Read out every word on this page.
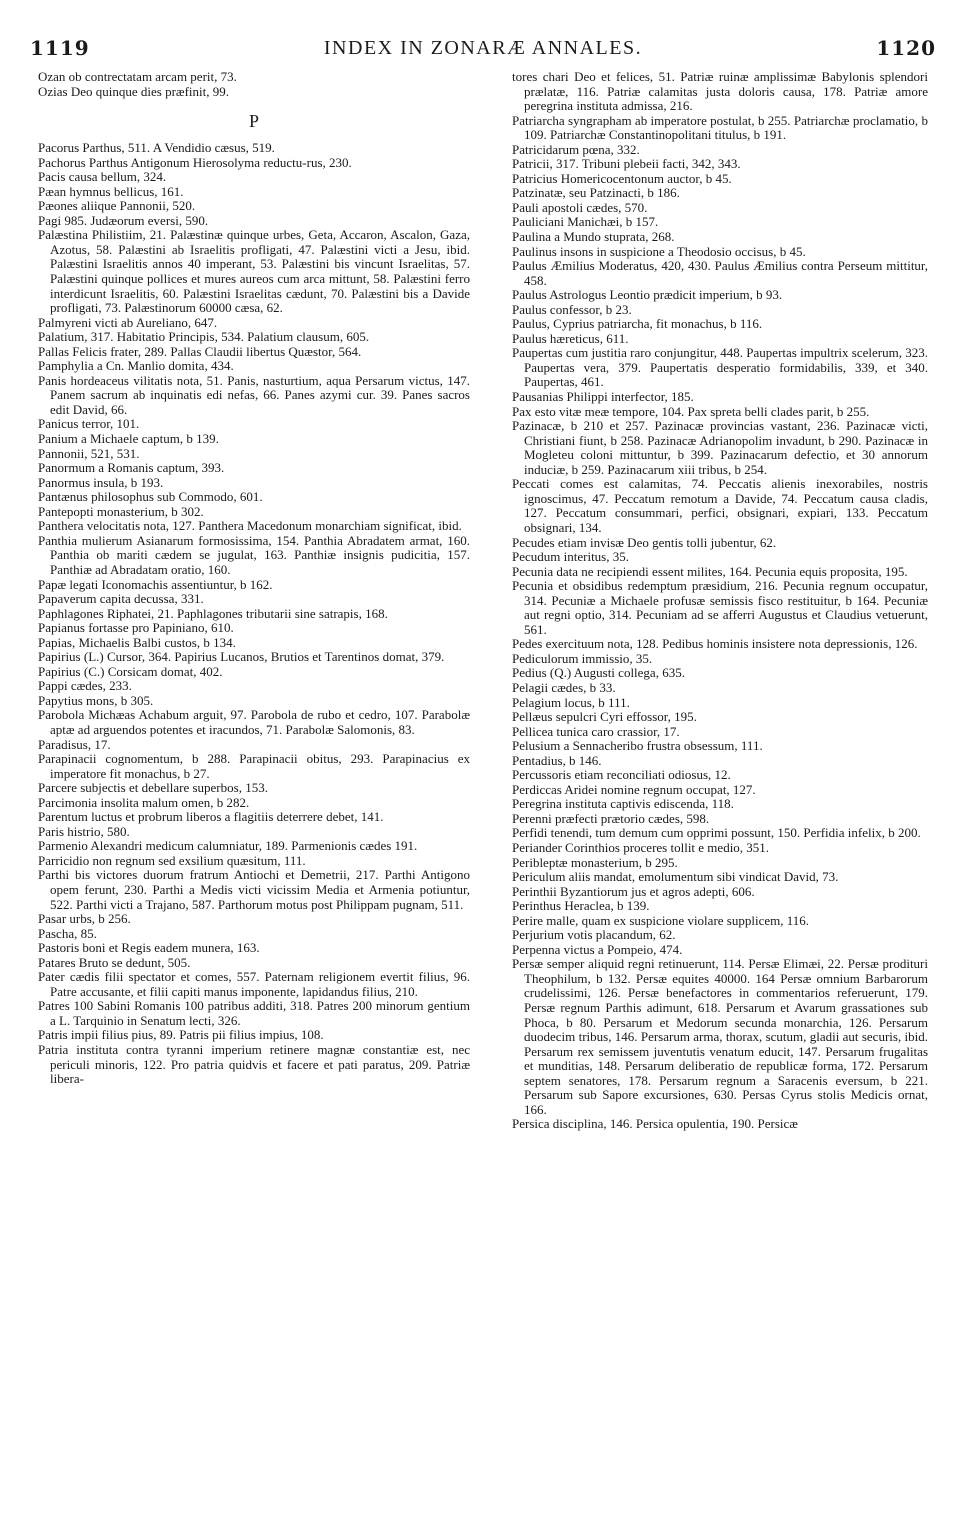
1119	INDEX IN ZONARÆ ANNALES.	1120

Ozan ob contrectatam arcam perit, 73.

Ozias Deo quinque dies præfinit, 99.

P

Pacorus Parthus, 511. A Vendidio cæsus, 519.

Pachorus Parthus Antigonum Hierosolyma reductu-rus, 230.

Pacis causa bellum, 324.

Pæan hymnus bellicus, 161.

Pæones aliique Pannonii, 520.

Pagi 985. Judæorum eversi, 590.

Palæstina Philistiim, 21. Palæstinæ quinque urbes, Geta, Accaron, Ascalon, Gaza, Azotus, 58. Palæstini ab Israelitis profligati, 47. Palæstini victi a Jesu, ibid. Palæstini Israelitis annos 40 imperant, 53. Palæstini bis vincunt Israelitas, 57. Palæstini quinque pollices et mures aureos cum arca mittunt, 58. Palæstini ferro interdicunt Israelitis, 60. Palæstini Israelitas cædunt, 70. Palæstini bis a Davide profligati, 73. Palæstinorum 60000 cæsa, 62.

Palmyreni victi ab Aureliano, 647.

Palatium, 317. Habitatio Principis, 534. Palatium clausum, 605.

Pallas Felicis frater, 289. Pallas Claudii libertus Quæstor, 564.

Pamphylia a Cn. Manlio domita, 434.

Panis hordeaceus vilitatis nota, 51. Panis, nasturtium, aqua Persarum victus, 147. Panem sacrum ab inquinatis edi nefas, 66. Panes azymi cur. 39. Panes sacros edit David, 66.

Panicus terror, 101.

Panium a Michaele captum, b 139.

Pannonii, 521, 531.

Panormum a Romanis captum, 393.

Panormus insula, b 193.

Pantænus philosophus sub Commodo, 601.

Pantepopti monasterium, b 302.

Panthera velocitatis nota, 127. Panthera Macedonum monarchiam significat, ibid.

Panthia mulierum Asianarum formosissima, 154. Panthia Abradatem armat, 160. Panthia ob mariti cædem se jugulat, 163. Panthiæ insignis pudicitia, 157. Panthiæ ad Abradatam oratio, 160.

Papæ legati Iconomachis assentiuntur, b 162.

Papaverum capita decussa, 331.

Paphlagones Riphatei, 21. Paphlagones tributarii sine satrapis, 168.

Papianus fortasse pro Papiniano, 610.

Papias, Michaelis Balbi custos, b 134.

Papirius (L.) Cursor, 364. Papirius Lucanos, Brutios et Tarentinos domat, 379.

Papirius (C.) Corsicam domat, 402.

Pappi cædes, 233.

Papytius mons, b 305.

Parobola Michæas Achabum arguit, 97. Parobola de rubo et cedro, 107. Parabolæ aptæ ad arguendos potentes et iracundos, 71. Parabolæ Salomonis, 83.

Paradisus, 17.

Parapinacii cognomentum, b 288. Parapinacii obitus, 293. Parapinacius ex imperatore fit monachus, b 27.

Parcere subjectis et debellare superbos, 153.

Parcimonia insolita malum omen, b 282.

Parentum luctus et probrum liberos a flagitiis deterrere debet, 141.

Paris histrio, 580.

Parmenio Alexandri medicum calumniatur, 189. Parmenionis cædes 191.

Parricidio non regnum sed exsilium quæsitum, 111.

Parthi bis victores duorum fratrum Antiochi et Demetrii, 217. Parthi Antigono opem ferunt, 230. Parthi a Medis victi vicissim Media et Armenia potiuntur, 522. Parthi victi a Trajano, 587. Parthorum motus post Philippam pugnam, 511.

Pasar urbs, b 256.

Pascha, 85.

Pastoris boni et Regis eadem munera, 163.

Patares Bruto se dedunt, 505.

Pater cædis filii spectator et comes, 557. Paternam religionem evertit filius, 96. Patre accusante, et filii capiti manus imponente, lapidandus filius, 210.

Patres 100 Sabini Romanis 100 patribus additi, 318. Patres 200 minorum gentium a L. Tarquinio in Senatum lecti, 326.

Patris impii filius pius, 89. Patris pii filius impius, 108.

Patria instituta contra tyranni imperium retinere magnæ constantiæ est, nec periculi minoris, 122. Pro patria quidvis et facere et pati paratus, 209. Patriæ libera-

tores chari Deo et felices, 51. Patriæ ruinæ amplissimæ Babylonis splendori prælatæ, 116. Patriæ calamitas justa doloris causa, 178. Patriæ amore peregrina instituta admissa, 216.

Patriarcha syngrapham ab imperatore postulat, b 255. Patriarchæ proclamatio, b 109. Patriarchæ Constantinopolitani titulus, b 191.

Patricidarum pœna, 332.

Patricii, 317. Tribuni plebeii facti, 342, 343.

Patricius Homericocentonum auctor, b 45.

Patzinatæ, seu Patzinacti, b 186.

Pauli apostoli cædes, 570.

Pauliciani Manichæi, b 157.

Paulina a Mundo stuprata, 268.

Paulinus insons in suspicione a Theodosio occisus, b 45.

Paulus Æmilius Moderatus, 420, 430. Paulus Æmilius contra Perseum mittitur, 458.

Paulus Astrologus Leontio prædicit imperium, b 93.

Paulus confessor, b 23.

Paulus, Cyprius patriarcha, fit monachus, b 116.

Paulus hæreticus, 611.

Paupertas cum justitia raro conjungitur, 448. Paupertas impultrix scelerum, 323. Paupertas vera, 379. Paupertatis desperatio formidabilis, 339, et 340. Paupertas, 461.

Pausanias Philippi interfector, 185.

Pax esto vitæ meæ tempore, 104. Pax spreta belli clades parit, b 255.

Pazinacæ, b 210 et 257. Pazinacæ provincias vastant, 236. Pazinacæ victi, Christiani fiunt, b 258. Pazinacæ Adrianopolim invadunt, b 290. Pazinacæ in Mogleteu coloni mittuntur, b 399. Pazinacarum defectio, et 30 annorum induciæ, b 259. Pazinacarum xiii tribus, b 254.

Peccati comes est calamitas, 74. Peccatis alienis inexorabiles, nostris ignoscimus, 47. Peccatum remotum a Davide, 74. Peccatum causa cladis, 127. Peccatum consummari, perfici, obsignari, expiari, 133. Peccatum obsignari, 134.

Pecudes etiam invisæ Deo gentis tolli jubentur, 62.

Pecudum interitus, 35.

Pecunia data ne recipiendi essent milites, 164. Pecunia equis proposita, 195.

Pecunia et obsidibus redemptum præsidium, 216. Pecunia regnum occupatur, 314. Pecuniæ a Michaele profusæ semissis fisco restituitur, b 164. Pecuniæ aut regni optio, 314. Pecuniam ad se afferri Augustus et Claudius vetuerunt, 561.

Pedes exercituum nota, 128. Pedibus hominis insistere nota depressionis, 126.

Pediculorum immissio, 35.

Pedius (Q.) Augusti collega, 635.

Pelagii cædes, b 33.

Pelagium locus, b 111.

Pellæus sepulcri Cyri effossor, 195.

Pellicea tunica caro crassior, 17.

Pelusium a Sennacheribo frustra obsessum, 111.

Pentadius, b 146.

Percussoris etiam reconciliati odiosus, 12.

Perdiccas Aridei nomine regnum occupat, 127.

Peregrina instituta captivis ediscenda, 118.

Perenni præfecti prætorio cædes, 598.

Perfidi tenendi, tum demum cum opprimi possunt, 150. Perfidia infelix, b 200.

Periander Corinthios proceres tollit e medio, 351.

Peribleptæ monasterium, b 295.

Periculum aliis mandat, emolumentum sibi vindicat David, 73.

Perinthii Byzantiorum jus et agros adepti, 606.

Perinthus Heraclea, b 139.

Perire malle, quam ex suspicione violare supplicem, 116.

Perjurium votis placandum, 62.

Perpenna victus a Pompeio, 474.

Persæ semper aliquid regni retinuerunt, 114. Persæ Elimæi, 22. Persæ prodituri Theophilum, b 132. Persæ equites 40000. 164 Persæ omnium Barbarorum crudelissimi, 126. Persæ benefactores in commentarios referuerunt, 179. Persæ regnum Parthis adimunt, 618. Persarum et Avarum grassationes sub Phoca, b 80. Persarum et Medorum secunda monarchia, 126. Persarum duodecim tribus, 146. Persarum arma, thorax, scutum, gladii aut securis, ibid. Persarum rex semissem juventutis venatum educit, 147. Persarum frugalitas et munditias, 148. Persarum deliberatio de republicæ forma, 172. Persarum septem senatores, 178. Persarum regnum a Saracenis eversum, b 221. Persarum sub Sapore excursiones, 630. Persas Cyrus stolis Medicis ornat, 166.

Persica disciplina, 146. Persica opulentia, 190. Persicæ
